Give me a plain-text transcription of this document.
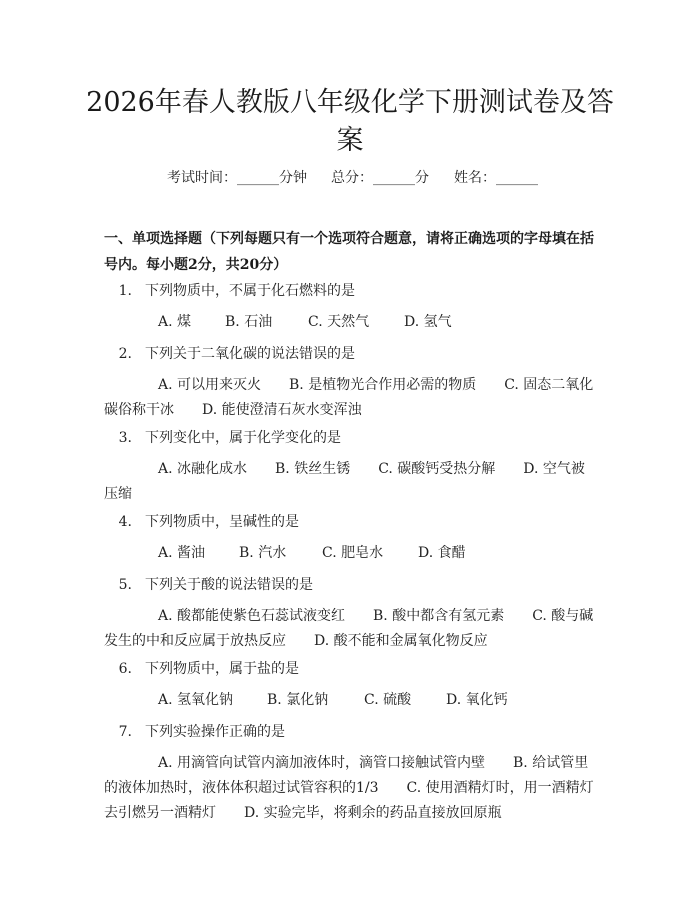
2026年春人教版八年级化学下册测试卷及答案
考试时间：______分钟 总分：______分 姓名：______
一、单项选择题（下列每题只有一个选项符合题意，请将正确选项的字母填在括号内。每小题2分，共20分）
1. 下列物质中，不属于化石燃料的是
A. 煤 B. 石油	C. 天然气 D. 氢气
2. 下列关于二氧化碳的说法错误的是
A. 可以用来灭火　　B. 是植物光合作用必需的物质　　C. 固态二氧化碳俗称干冰　　D. 能使澄清石灰水变浑浊
3. 下列变化中，属于化学变化的是
A. 冰融化成水　　B. 铁丝生锈　　C. 碳酸钙受热分解　　D. 空气被压缩
4. 下列物质中，呈碱性的是
A. 酱油 B. 汽水	C. 肥皂水 D. 食醋
5. 下列关于酸的说法错误的是
A. 酸都能使紫色石蕊试液变红　　B. 酸中都含有氢元素　　C. 酸与碱发生的中和反应属于放热反应　　D. 酸不能和金属氧化物反应
6. 下列物质中，属于盐的是
A. 氢氧化钠 B. 氯化钠	C. 硫酸 D. 氧化钙
7. 下列实验操作正确的是
A. 用滴管向试管内滴加液体时，滴管口接触试管内壁　　B. 给试管里的液体加热时，液体体积超过试管容积的1/3　　C. 使用酒精灯时，用一酒精灯去引燃另一酒精灯　　D. 实验完毕，将剩余的药品直接放回原瓶
